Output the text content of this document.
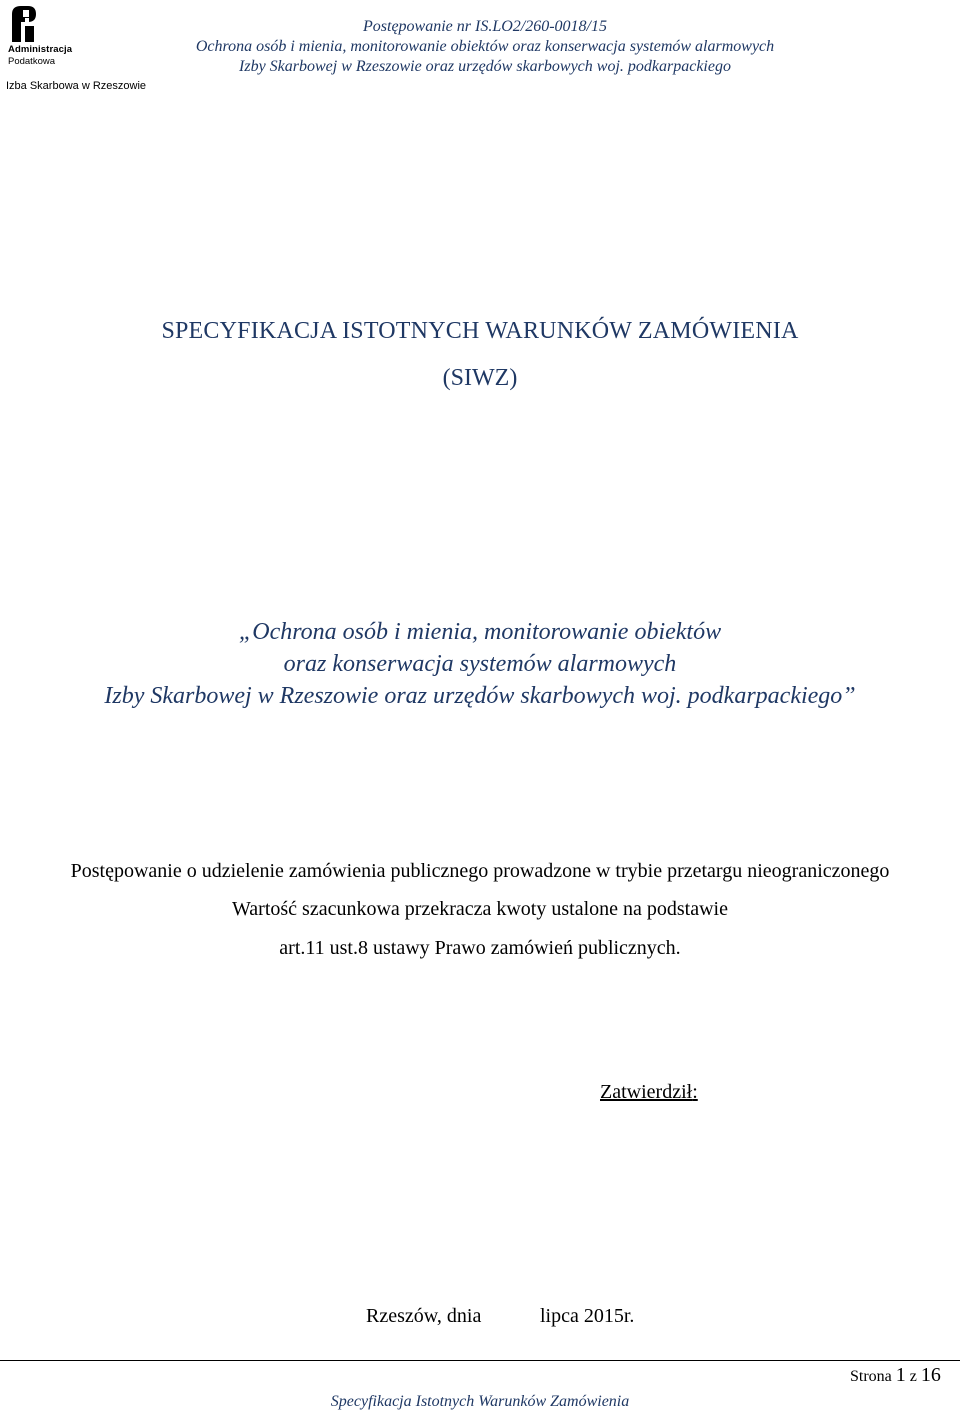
Administracja
Podatkowa
Izba Skarbowa w Rzeszowie
Postępowanie nr IS.LO2/260-0018/15
Ochrona osób i mienia, monitorowanie obiektów oraz konserwacja systemów alarmowych
Izby Skarbowej w Rzeszowie oraz urzędów skarbowych woj. podkarpackiego
SPECYFIKACJA ISTOTNYCH WARUNKÓW ZAMÓWIENIA
(SIWZ)
„Ochrona osób i mienia, monitorowanie obiektów
oraz konserwacja systemów alarmowych
Izby Skarbowej w Rzeszowie oraz urzędów skarbowych woj. podkarpackiego”
Postępowanie o udzielenie zamówienia publicznego prowadzone w trybie przetargu nieograniczonego
Wartość szacunkowa przekracza kwoty ustalone na podstawie
art.11 ust.8 ustawy Prawo zamówień publicznych.
Zatwierdził:
Rzeszów, dnia	lipca 2015r.
Strona 1 z 16
Specyfikacja Istotnych Warunków Zamówienia
